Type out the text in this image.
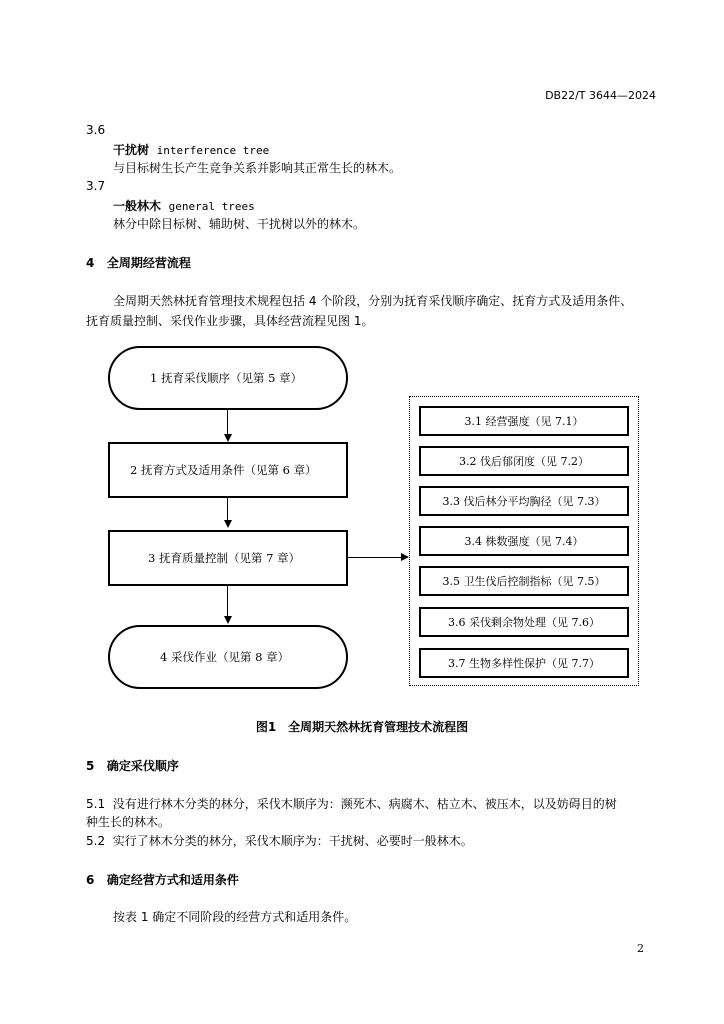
DB22/T 3644—2024
3.6
干扰树 interference tree
与目标树生长产生竞争关系并影响其正常生长的林木。
3.7
一般林木 general trees
林分中除目标树、辅助树、干扰树以外的林木。
4 全周期经营流程
全周期天然林抚育管理技术规程包括 4 个阶段，分别为抚育采伐顺序确定、抚育方式及适用条件、
抚育质量控制、采伐作业步骤，具体经营流程见图 1。
1 抚育采伐顺序（见第 5 章）
2 抚育方式及适用条件（见第 6 章）
3 抚育质量控制（见第 7 章）
4 采伐作业（见第 8 章）
3.1 经营强度（见 7.1）
3.2 伐后郁闭度（见 7.2）
3.3 伐后林分平均胸径（见 7.3）
3.4 株数强度（见 7.4）
3.5 卫生伐后控制指标（见 7.5）
3.6 采伐剩余物处理（见 7.6）
3.7 生物多样性保护（见 7.7）
图1　全周期天然林抚育管理技术流程图
5 确定采伐顺序
5.1 没有进行林木分类的林分，采伐木顺序为：濒死木、病腐木、枯立木、被压木，以及妨碍目的树
种生长的林木。
5.2 实行了林木分类的林分，采伐木顺序为：干扰树、必要时一般林木。
6 确定经营方式和适用条件
按表 1 确定不同阶段的经营方式和适用条件。
2
